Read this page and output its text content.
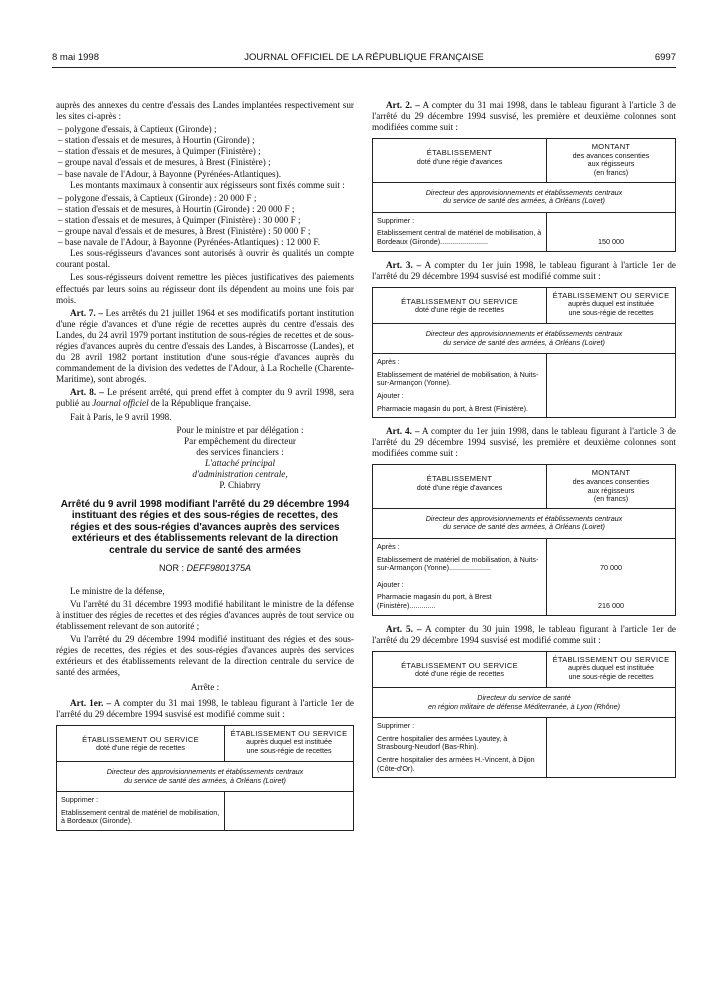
8 mai 1998	JOURNAL OFFICIEL DE LA RÉPUBLIQUE FRANÇAISE	6997

auprès des annexes du centre d'essais des Landes implantées respectivement sur les sites ci-après :

– polygone d'essais, à Captieux (Gironde) ;

– station d'essais et de mesures, à Hourtin (Gironde) ;

– station d'essais et de mesures, à Quimper (Finistère) ;

– groupe naval d'essais et de mesures, à Brest (Finistère) ;

– base navale de l'Adour, à Bayonne (Pyrénées-Atlantiques).

Les montants maximaux à consentir aux régisseurs sont fixés comme suit :

– polygone d'essais, à Captieux (Gironde) : 20 000 F ;

– station d'essais et de mesures, à Hourtin (Gironde) : 20 000 F ;

– station d'essais et de mesures, à Quimper (Finistère) : 30 000 F ;

– groupe naval d'essais et de mesures, à Brest (Finistère) : 50 000 F ;

– base navale de l'Adour, à Bayonne (Pyrénées-Atlantiques) : 12 000 F.

Les sous-régisseurs d'avances sont autorisés à ouvrir ès qualités un compte courant postal.

Les sous-régisseurs doivent remettre les pièces justificatives des paiements effectués par leurs soins au régisseur dont ils dépendent au moins une fois par mois.

Art. 7. – Les arrêtés du 21 juillet 1964 et ses modificatifs portant institution d'une régie d'avances et d'une régie de recettes auprès du centre d'essais des Landes, du 24 avril 1979 portant institution de sous-régies de recettes et de sous-régies d'avances auprès du centre d'essais des Landes, à Biscarrosse (Landes), et du 28 avril 1982 portant institution d'une sous-régie d'avances auprès du commandement de la division des vedettes de l'Adour, à La Rochelle (Charente-Maritime), sont abrogés.

Art. 8. – Le présent arrêté, qui prend effet à compter du 9 avril 1998, sera publié au Journal officiel de la République française.

Fait à Paris, le 9 avril 1998.

Pour le ministre et par délégation :

Par empêchement du directeur

des services financiers :

L'attaché principal

d'administration centrale,

P. Chiabrry

Arrêté du 9 avril 1998 modifiant l'arrêté du 29 décembre 1994 instituant des régies et des sous-régies de recettes, des régies et des sous-régies d'avances auprès des services extérieurs et des établissements relevant de la direction centrale du service de santé des armées
NOR : DEFF9801375A

Le ministre de la défense,

Vu l'arrêté du 31 décembre 1993 modifié habilitant le ministre de la défense à instituer des régies de recettes et des régies d'avances auprès de tout service ou établissement relevant de son autorité ;

Vu l'arrêté du 29 décembre 1994 modifié instituant des régies et des sous-régies de recettes, des régies et des sous-régies d'avances auprès des services extérieurs et des établissements relevant de la direction centrale du service de santé des armées,

Arrête :

Art. 1er. – A compter du 31 mai 1998, le tableau figurant à l'article 1er de l'arrêté du 29 décembre 1994 susvisé est modifié comme suit :

ÉTABLISSEMENT OU SERVICE
doté d'une régie de recettes
ÉTABLISSEMENT OU SERVICE
auprès duquel est instituée
une sous-régie de recettes
Directeur des approvisionnements et établissements centraux
du service de santé des armées, à Orléans (Loiret)
Supprimer :
Etablissement central de matériel de mobilisation, à Bordeaux (Gironde).

Art. 2. – A compter du 31 mai 1998, dans le tableau figurant à l'article 3 de l'arrêté du 29 décembre 1994 susvisé, les première et deuxième colonnes sont modifiées comme suit :

ÉTABLISSEMENT
doté d'une régie d'avances
MONTANT
des avances consenties
aux régisseurs
(en francs)
Directeur des approvisionnements et établissements centraux
du service de santé des armées, à Orléans (Loiret)
Supprimer :
Etablissement central de matériel de mobilisation, à Bordeaux (Gironde)........................	150 000

Art. 3. – A compter du 1er juin 1998, le tableau figurant à l'article 1er de l'arrêté du 29 décembre 1994 susvisé est modifié comme suit :

ÉTABLISSEMENT OU SERVICE
doté d'une régie de recettes
ÉTABLISSEMENT OU SERVICE
auprès duquel est instituée
une sous-régie de recettes
Directeur des approvisionnements et établissements centraux
du service de santé des armées, à Orléans (Loiret)
Après :
Etablissement de matériel de mobilisation, à Nuits-sur-Armançon (Yonne).
Ajouter :
Pharmacie magasin du port, à Brest (Finistère).

Art. 4. – A compter du 1er juin 1998, dans le tableau figurant à l'article 3 de l'arrêté du 29 décembre 1994 susvisé, les première et deuxième colonnes sont modifiées comme suit :

ÉTABLISSEMENT
doté d'une régie d'avances
MONTANT
des avances consenties
aux régisseurs
(en francs)
Directeur des approvisionnements et établissements centraux
du service de santé des armées, à Orléans (Loiret)
Après :
Etablissement de matériel de mobilisation, à Nuits-sur-Armançon (Yonne).....................	70 000
Ajouter :
Pharmacie magasin du port, à Brest (Finistère).............	216 000

Art. 5. – A compter du 30 juin 1998, le tableau figurant à l'article 1er de l'arrêté du 29 décembre 1994 susvisé est modifié comme suit :

ÉTABLISSEMENT OU SERVICE
doté d'une régie de recettes
ÉTABLISSEMENT OU SERVICE
auprès duquel est instituée
une sous-régie de recettes
Directeur du service de santé
en région militaire de défense Méditerranée, à Lyon (Rhône)
Supprimer :
Centre hospitalier des armées Lyautey, à Strasbourg-Neudorf (Bas-Rhin).
Centre hospitalier des armées H.-Vincent, à Dijon (Côte-d'Or).
